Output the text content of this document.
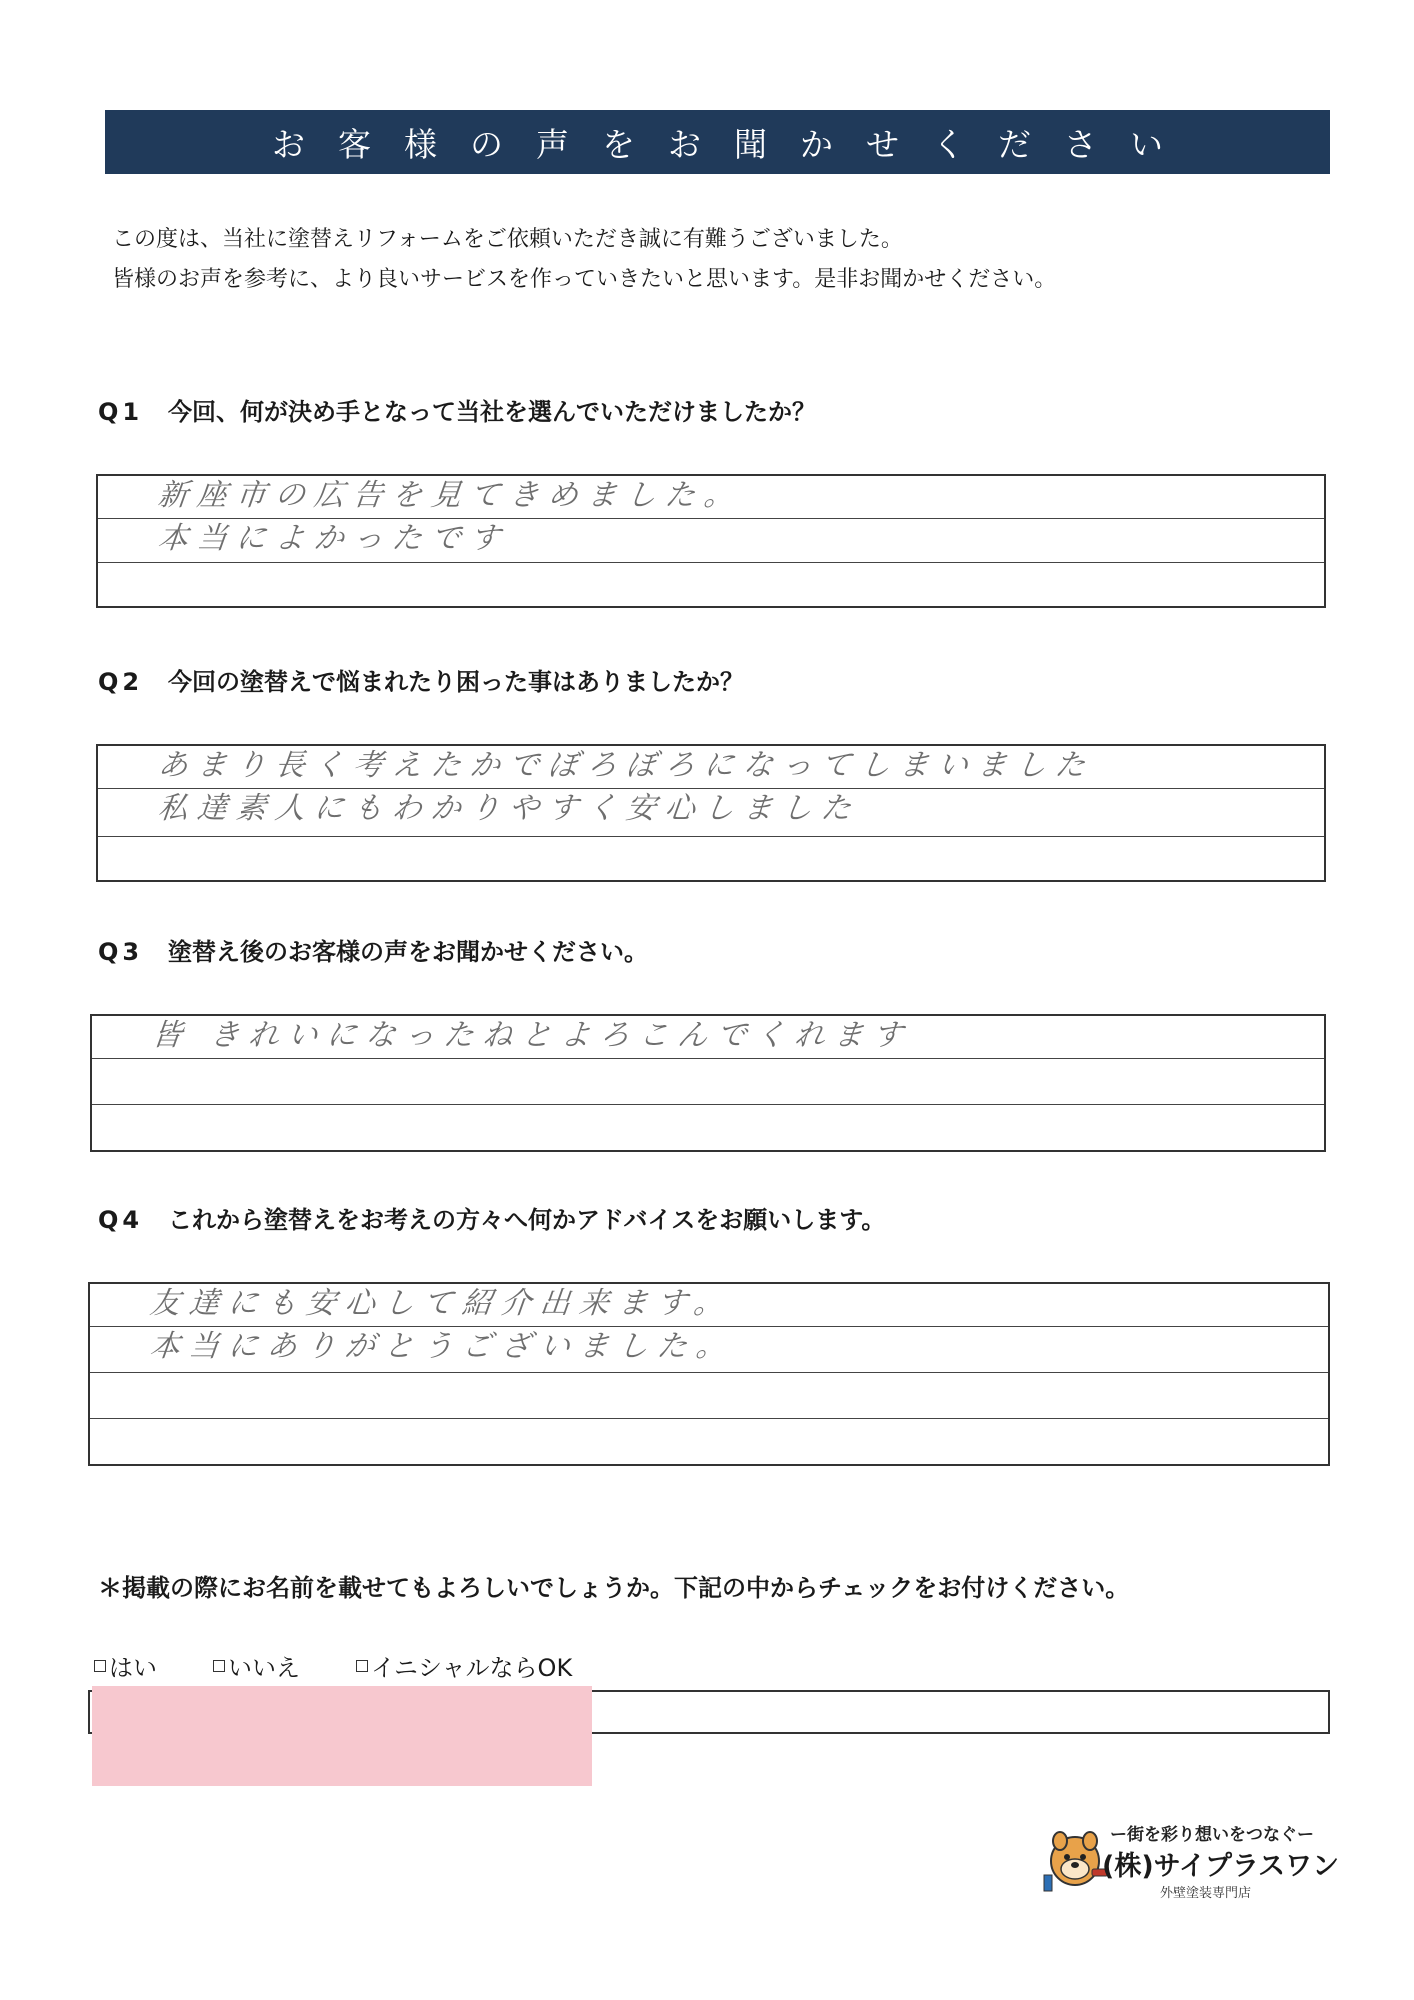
お客様の声をお聞かせください
この度は、当社に塗替えリフォームをご依頼いただき誠に有難うございました。
皆様のお声を参考に、より良いサービスを作っていきたいと思います。是非お聞かせください。
Q1 今回、何が決め手となって当社を選んでいただけましたか？
新座市の広告を見てきめました。
本当によかったです
Q2 今回の塗替えで悩まれたり困った事はありましたか？
あまり長く考えたかでぼろぼろになってしまいました
私達素人にもわかりやすく安心しました
Q3 塗替え後のお客様の声をお聞かせください。
皆 きれいになったねとよろこんでくれます
Q4 これから塗替えをお考えの方々へ何かアドバイスをお願いします。
友達にも安心して紹介出来ます。
本当にありがとうございました。
＊掲載の際にお名前を載せてもよろしいでしょうか。下記の中からチェックをお付けください。
はい	いいえ	イニシャルならOK
ー街を彩り想いをつなぐー
(株)サイプラスワン
外壁塗装専門店
